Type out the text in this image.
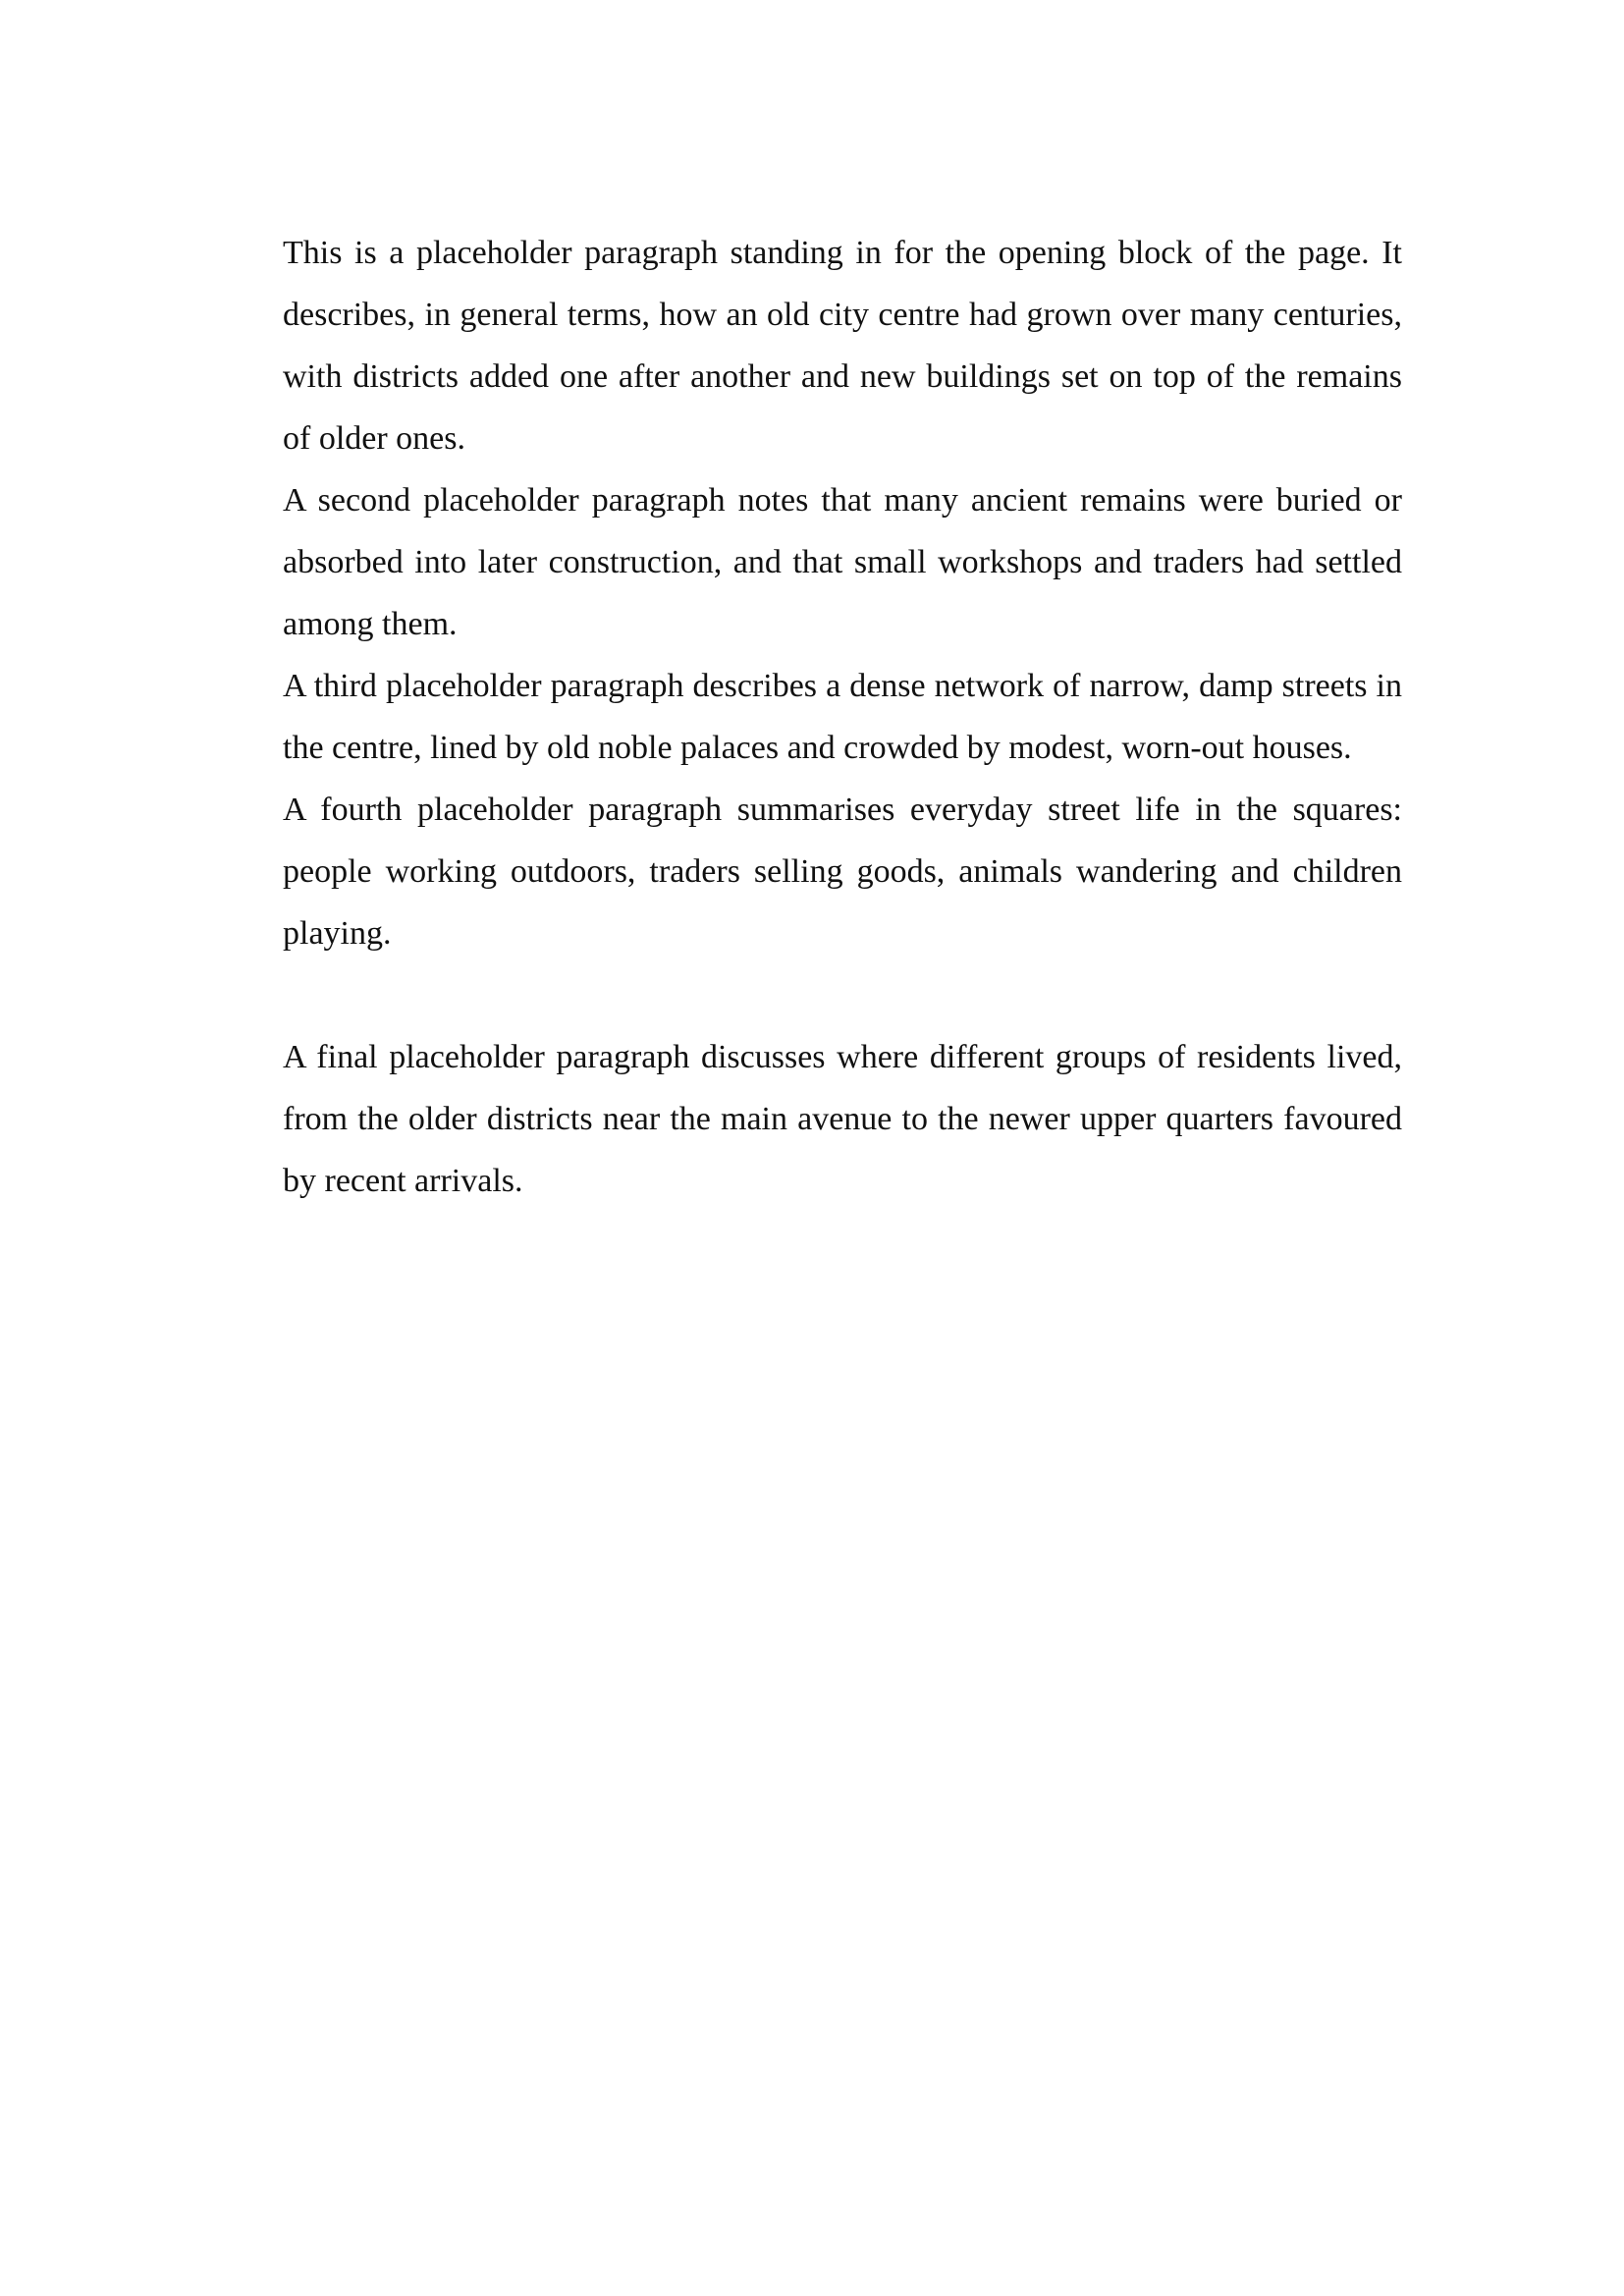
This is a placeholder paragraph standing in for the opening block of the page. It describes, in general terms, how an old city centre had grown over many centuries, with districts added one after another and new buildings set on top of the remains of older ones.

A second placeholder paragraph notes that many ancient remains were buried or absorbed into later construction, and that small workshops and traders had settled among them.

A third placeholder paragraph describes a dense network of narrow, damp streets in the centre, lined by old noble palaces and crowded by modest, worn-out houses.

A fourth placeholder paragraph summarises everyday street life in the squares: people working outdoors, traders selling goods, animals wandering and children playing.

A final placeholder paragraph discusses where different groups of residents lived, from the older districts near the main avenue to the newer upper quarters favoured by recent arrivals.
